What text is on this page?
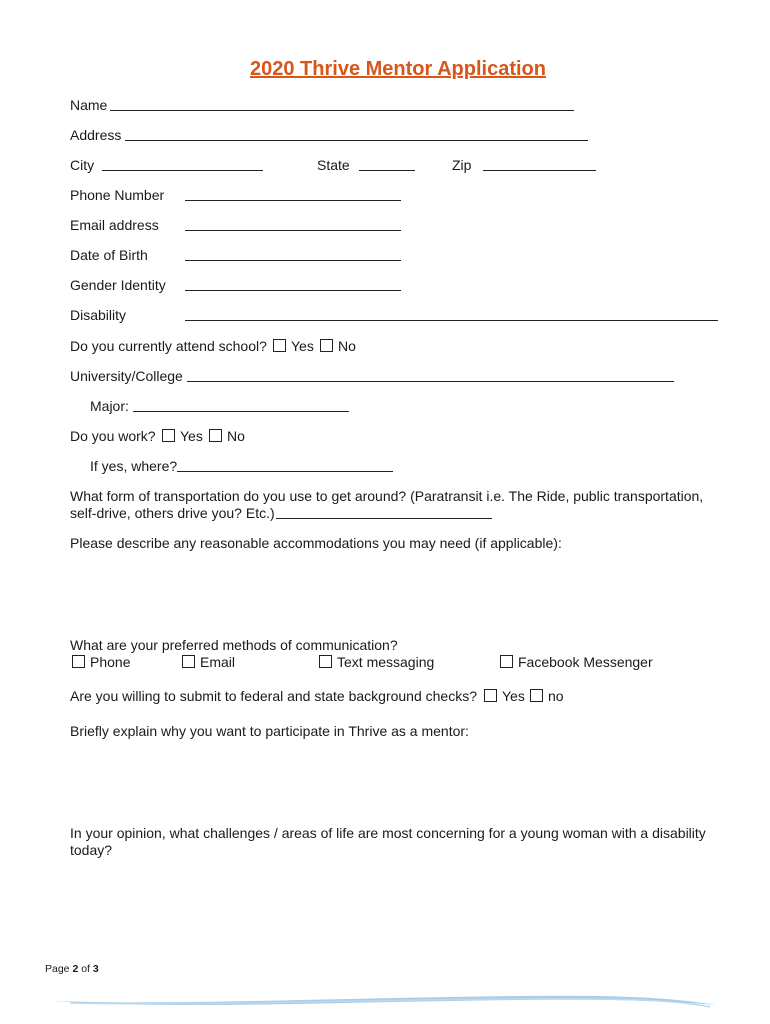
2020 Thrive Mentor Application
Name
Address
City	State	Zip
Phone Number
Email address
Date of Birth
Gender Identity
Disability
Do you currently attend school? Yes No
University/College
Major:
Do you work? Yes No
If yes, where?
What form of transportation do you use to get around? (Paratransit i.e. The Ride, public transportation,
self-drive, others drive you? Etc.)
Please describe any reasonable accommodations you may need (if applicable):
What are your preferred methods of communication?
Phone	Email	Text messaging	Facebook Messenger
Are you willing to submit to federal and state background checks? Yes no
Briefly explain why you want to participate in Thrive as a mentor:
In your opinion, what challenges / areas of life are most concerning for a young woman with a disability
today?
Page 2 of 3
